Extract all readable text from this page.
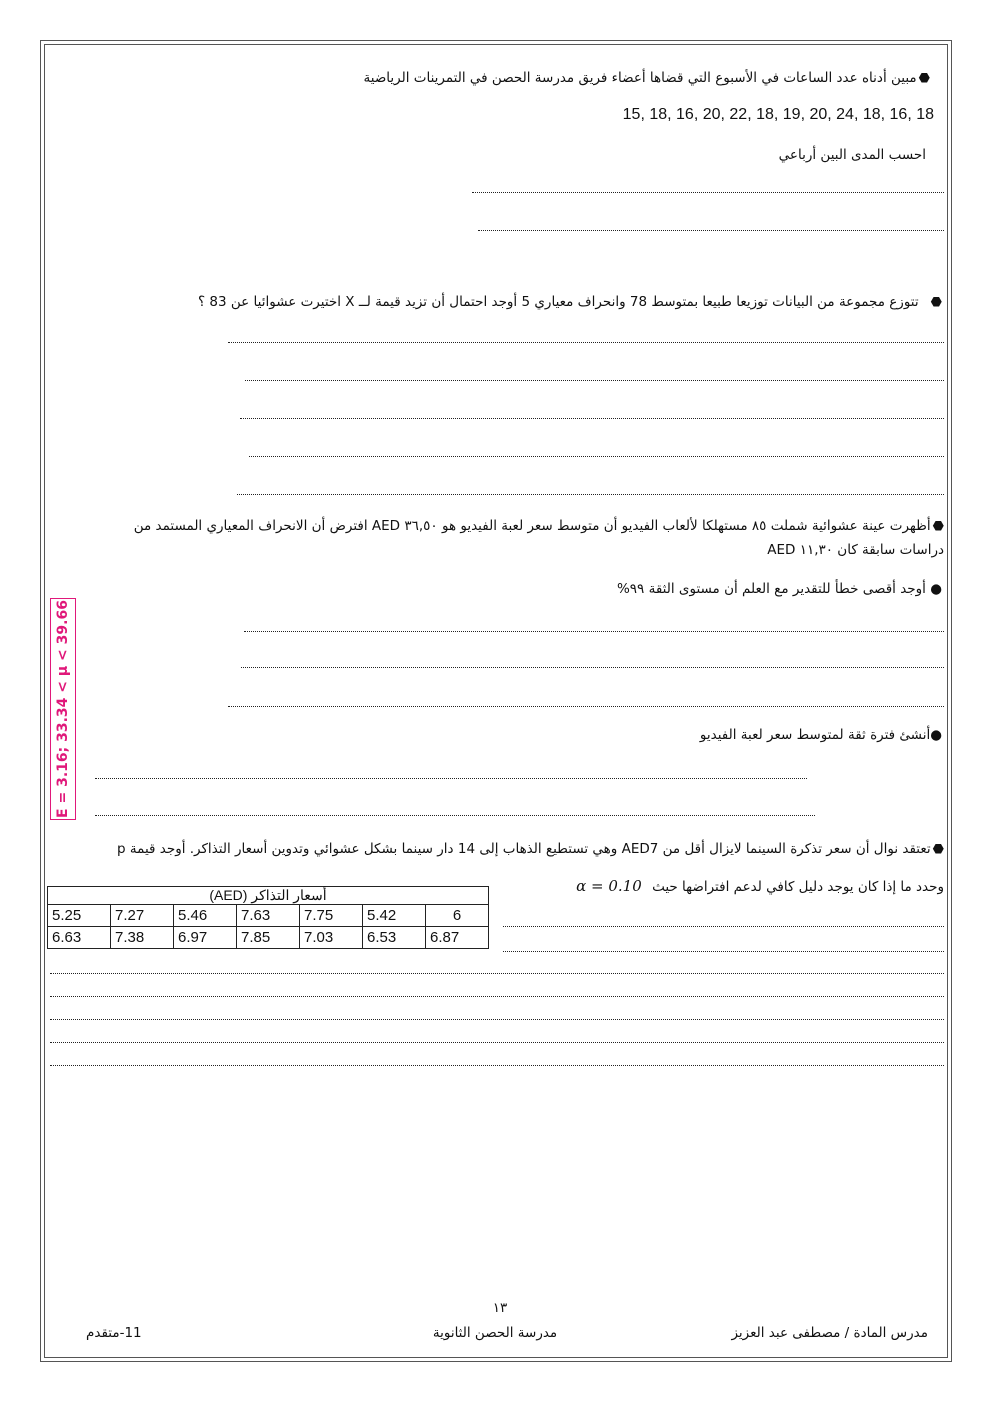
⬣مبين أدناه عدد الساعات في الأسبوع التي قضاها أعضاء فريق مدرسة الحصن في التمرينات الرياضية
15, 18, 16, 20, 22, 18, 19, 20, 24, 18, 16, 18
احسب المدى البين أرباعي
⬣تتوزع مجموعة من البيانات توزيعا طبيعا بمتوسط 78 وانحراف معياري 5 أوجد احتمال أن تزيد قيمة لــ X اختيرت عشوائيا عن 83 ؟
⬣أظهرت عينة عشوائية شملت ٨٥ مستهلكا لألعاب الفيديو أن متوسط سعر لعبة الفيديو هو ٣٦,٥٠ AED افترض أن الانحراف المعياري المستمد من
دراسات سابقة كان ١١,٣٠ AED
● أوجد أقصى خطأ للتقدير مع العلم أن مستوى الثقة ٩٩%
●أنشئ فترة ثقة لمتوسط سعر لعبة الفيديو
E = 3.16; 33.34 < μ < 39.66
⬣تعتقد نوال أن سعر تذكرة السينما لايزال أقل من AED7 وهي تستطيع الذهاب إلى 14 دار سينما بشكل عشوائي وتدوين أسعار التذاكر. أوجد قيمة p
وحدد ما إذا كان يوجد دليل كافي لدعم افتراضها حيث α = 0.10
أسعار التذاكر (AED)						
5.25	7.27	5.46	7.63	7.75	5.42	6
6.63	7.38	6.97	7.85	7.03	6.53	6.87
١٣
مدرس المادة / مصطفى عبد العزيز
مدرسة الحصن الثانوية
11-متقدم
